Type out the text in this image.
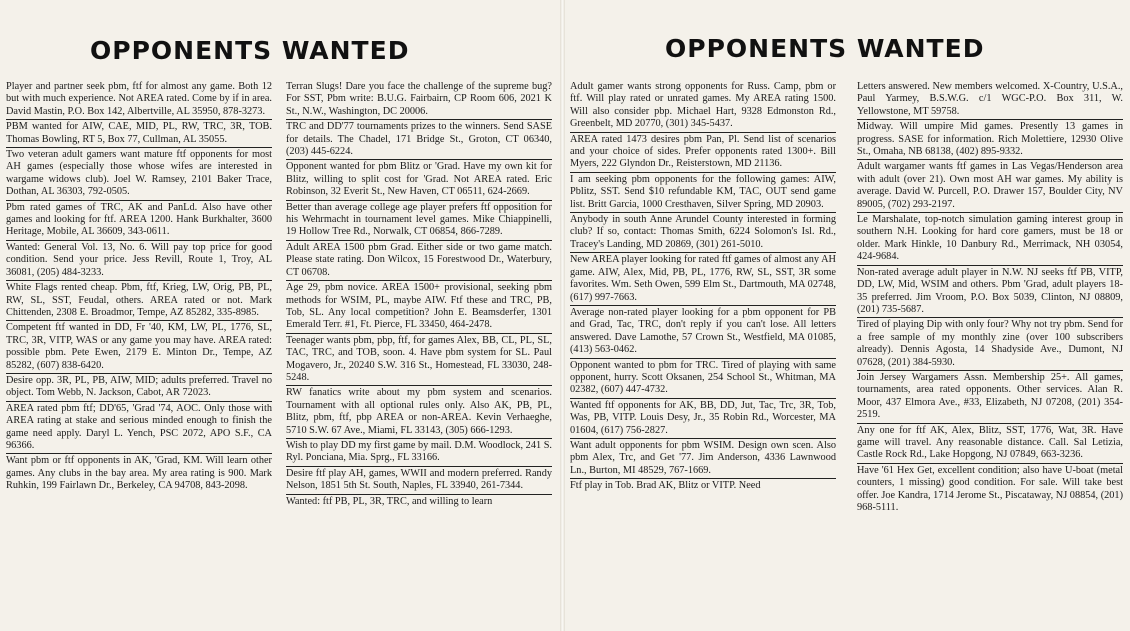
OPPONENTS WANTED

Player and partner seek pbm, ftf for almost any game. Both 12 but with much experience. Not AREA rated. Come by if in area. David Mastin, P.O. Box 142, Albertville, AL 35950, 878-3273.

PBM wanted for AIW, CAE, MID, PL, RW, TRC, 3R, TOB. Thomas Bowling, RT 5, Box 77, Cullman, AL 35055.

Two veteran adult gamers want mature ftf opponents for most AH games (especially those whose wifes are interested in wargame widows club). Joel W. Ramsey, 2101 Baker Trace, Dothan, AL 36303, 792-0505.

Pbm rated games of TRC, AK and PanLd. Also have other games and looking for ftf. AREA 1200. Hank Burkhalter, 3600 Heritage, Mobile, AL 36609, 343-0611.

Wanted: General Vol. 13, No. 6. Will pay top price for good condition. Send your price. Jess Revill, Route 1, Troy, AL 36081, (205) 484-3233.

White Flags rented cheap. Pbm, ftf, Krieg, LW, Orig, PB, PL, RW, SL, SST, Feudal, others. AREA rated or not. Mark Chittenden, 2308 E. Broadmor, Tempe, AZ 85282, 335-8985.

Competent ftf wanted in DD, Fr '40, KM, LW, PL, 1776, SL, TRC, 3R, VITP, WAS or any game you may have. AREA rated: possible pbm. Pete Ewen, 2179 E. Minton Dr., Tempe, AZ 85282, (607) 838-6420.

Desire opp. 3R, PL, PB, AIW, MID; adults preferred. Travel no object. Tom Webb, N. Jackson, Cabot, AR 72023.

AREA rated pbm ftf; DD'65, 'Grad '74, AOC. Only those with AREA rating at stake and serious minded enough to finish the game need apply. Daryl L. Yench, PSC 2072, APO S.F., CA 96366.

Want pbm or ftf opponents in AK, 'Grad, KM. Will learn other games. Any clubs in the bay area. My area rating is 900. Mark Ruhkin, 199 Fairlawn Dr., Berkeley, CA 94708, 843-2098.

Terran Slugs! Dare you face the challenge of the supreme bug? For SST, Pbm write: B.U.G. Fairbairn, CP Room 606, 2021 K St., N.W., Washington, DC 20006.

TRC and DD'77 tournaments prizes to the winners. Send SASE for details. The Chadel, 171 Bridge St., Groton, CT 06340, (203) 445-6224.

Opponent wanted for pbm Blitz or 'Grad. Have my own kit for Blitz, willing to split cost for 'Grad. Not AREA rated. Eric Robinson, 32 Everit St., New Haven, CT 06511, 624-2669.

Better than average college age player prefers ftf opposition for his Wehrmacht in tournament level games. Mike Chiappinelli, 19 Hollow Tree Rd., Norwalk, CT 06854, 866-7289.

Adult AREA 1500 pbm Grad. Either side or two game match. Please state rating. Don Wilcox, 15 Forestwood Dr., Waterbury, CT 06708.

Age 29, pbm novice. AREA 1500+ provisional, seeking pbm methods for WSIM, PL, maybe AIW. Ftf these and TRC, PB, Tob, SL. Any local competition? John E. Beamsderfer, 1301 Emerald Terr. #1, Ft. Pierce, FL 33450, 464-2478.

Teenager wants pbm, pbp, ftf, for games Alex, BB, CL, PL, SL, TAC, TRC, and TOB, soon. 4. Have pbm system for SL. Paul Mogavero, Jr., 20240 S.W. 316 St., Homestead, FL 33030, 248-5248.

RW fanatics write about my pbm system and scenarios. Tournament with all optional rules only. Also AK, PB, PL, Blitz, pbm, ftf, pbp AREA or non-AREA. Kevin Verhaeghe, 5710 S.W. 67 Ave., Miami, FL 33143, (305) 666-1293.

Wish to play DD my first game by mail. D.M. Woodlock, 241 S. Ryl. Ponciana, Mia. Sprg., FL 33166.

Desire ftf play AH, games, WWII and modern preferred. Randy Nelson, 1851 5th St. South, Naples, FL 33940, 261-7344.

Wanted: ftf PB, PL, 3R, TRC, and willing to learn

OPPONENTS WANTED

Adult gamer wants strong opponents for Russ. Camp, pbm or ftf. Will play rated or unrated games. My AREA rating 1500. Will also consider pbp. Michael Hart, 9328 Edmonston Rd., Greenbelt, MD 20770, (301) 345-5437.

AREA rated 1473 desires pbm Pan, Pl. Send list of scenarios and your choice of sides. Prefer opponents rated 1300+. Bill Myers, 222 Glyndon Dr., Reisterstown, MD 21136.

I am seeking pbm opponents for the following games: AIW, Pblitz, SST. Send $10 refundable KM, TAC, OUT send game list. Britt Garcia, 1000 Cresthaven, Silver Spring, MD 20903.

Anybody in south Anne Arundel County interested in forming club? If so, contact: Thomas Smith, 6224 Solomon's Isl. Rd., Tracey's Landing, MD 20869, (301) 261-5010.

New AREA player looking for rated ftf games of almost any AH game. AIW, Alex, Mid, PB, PL, 1776, RW, SL, SST, 3R some favorites. Wm. Seth Owen, 599 Elm St., Dartmouth, MA 02748, (617) 997-7663.

Average non-rated player looking for a pbm opponent for PB and Grad, Tac, TRC, don't reply if you can't lose. All letters answered. Dave Lamothe, 57 Crown St., Westfield, MA 01085, (413) 563-0462.

Opponent wanted to pbm for TRC. Tired of playing with same opponent, hurry. Scott Oksanen, 254 School St., Whitman, MA 02382, (607) 447-4732.

Wanted ftf opponents for AK, BB, DD, Jut, Tac, Trc, 3R, Tob, Was, PB, VITP. Louis Desy, Jr., 35 Robin Rd., Worcester, MA 01604, (617) 756-2827.

Want adult opponents for pbm WSIM. Design own scen. Also pbm Alex, Trc, and Get '77. Jim Anderson, 4336 Lawnwood Ln., Burton, MI 48529, 767-1669.

Ftf play in Tob. Brad AK, Blitz or VITP. Need

Letters answered. New members welcomed. X-Country, U.S.A., Paul Yarmey, B.S.W.G. c/1 WGC-P.O. Box 311, W. Yellowstone, MT 59758.

Midway. Will umpire Mid games. Presently 13 games in progress. SASE for information. Rich Molettiere, 12930 Olive St., Omaha, NB 68138, (402) 895-9332.

Adult wargamer wants ftf games in Las Vegas/Henderson area with adult (over 21). Own most AH war games. My ability is average. David W. Purcell, P.O. Drawer 157, Boulder City, NV 89005, (702) 293-2197.

Le Marshalate, top-notch simulation gaming interest group in southern N.H. Looking for hard core gamers, must be 18 or older. Mark Hinkle, 10 Danbury Rd., Merrimack, NH 03054, 424-9684.

Non-rated average adult player in N.W. NJ seeks ftf PB, VITP, DD, LW, Mid, WSIM and others. Pbm 'Grad, adult players 18-35 preferred. Jim Vroom, P.O. Box 5039, Clinton, NJ 08809, (201) 735-5687.

Tired of playing Dip with only four? Why not try pbm. Send for a free sample of my monthly zine (over 100 subscribers already). Dennis Agosta, 14 Shadyside Ave., Dumont, NJ 07628, (201) 384-5930.

Join Jersey Wargamers Assn. Membership 25+. All games, tournaments, area rated opponents. Other services. Alan R. Moor, 437 Elmora Ave., #33, Elizabeth, NJ 07208, (201) 354-2519.

Any one for ftf AK, Alex, Blitz, SST, 1776, Wat, 3R. Have game will travel. Any reasonable distance. Call. Sal Letizia, Castle Rock Rd., Lake Hopgong, NJ 07849, 663-3236.

Have '61 Hex Get, excellent condition; also have U-boat (metal counters, 1 missing) good condition. For sale. Will take best offer. Joe Kandra, 1714 Jerome St., Piscataway, NJ 08854, (201) 968-5111.
